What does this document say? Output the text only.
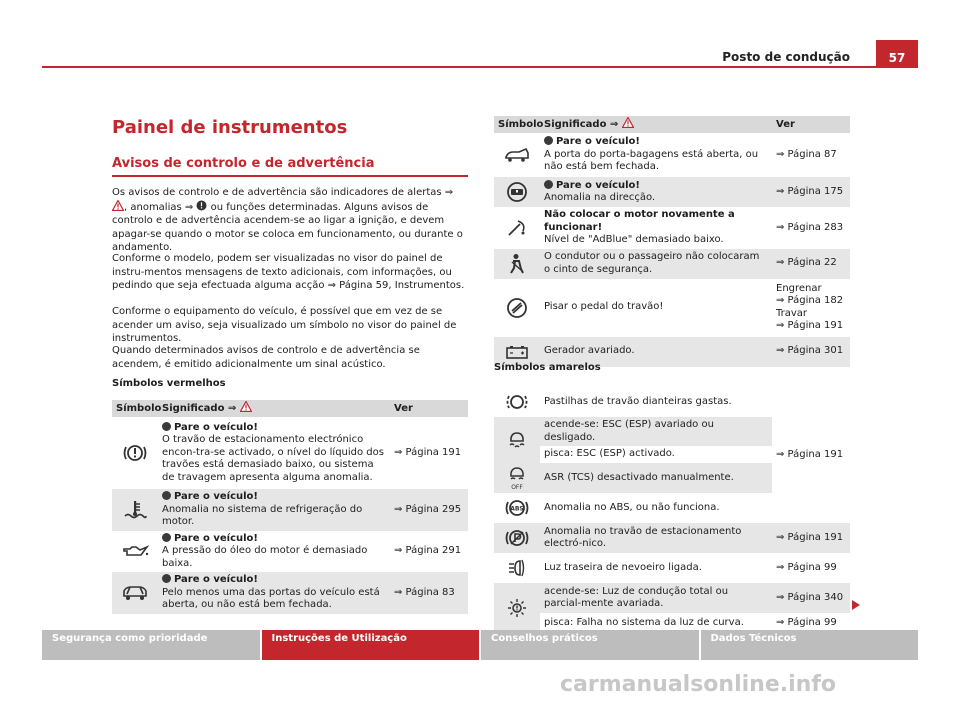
Posto de condução	57
Painel de instrumentos
Avisos de controlo e de advertência
Os avisos de controlo e de advertência são indicadores de alertas ⇒ , anomalias ⇒ ou funções determinadas. Alguns avisos de controlo e de advertência acendem-se ao ligar a ignição, e devem apagar-se quando o motor se coloca em funcionamento, ou durante o andamento.
Conforme o modelo, podem ser visualizadas no visor do painel de instru-mentos mensagens de texto adicionais, com informações, ou pedindo que seja efectuada alguma acção ⇒ Página 59, Instrumentos.
Conforme o equipamento do veículo, é possível que em vez de se acender um aviso, seja visualizado um símbolo no visor do painel de instrumentos.
Quando determinados avisos de controlo e de advertência se acendem, é emitido adicionalmente um sinal acústico.
Símbolos vermelhos
Símbolo	Significado ⇒	Ver
	Pare o veículo!
O travão de estacionamento electrónico encon-tra-se activado, o nível do líquido dos travões está demasiado baixo, ou sistema de travagem apresenta alguma anomalia.	⇒ Página 191
	Pare o veículo!
Anomalia no sistema de refrigeração do motor.	⇒ Página 295
	Pare o veículo!
A pressão do óleo do motor é demasiado baixa.	⇒ Página 291
	Pare o veículo!
Pelo menos uma das portas do veículo está aberta, ou não está bem fechada.	⇒ Página 83
Símbolo	Significado ⇒	Ver
	Pare o veículo!
A porta do porta-bagagens está aberta, ou não está bem fechada.	⇒ Página 87
	Pare o veículo!
Anomalia na direcção.	⇒ Página 175
	Não colocar o motor novamente a funcionar!
Nível de "AdBlue" demasiado baixo.	⇒ Página 283
	O condutor ou o passageiro não colocaram o cinto de segurança.	⇒ Página 22
	Pisar o pedal do travão!	Engrenar
⇒ Página 182
Travar
⇒ Página 191
	Gerador avariado.	⇒ Página 301
Símbolos amarelos
	Pastilhas de travão dianteiras gastas.	⇒ Página 191
	acende-se: ESC (ESP) avariado ou desligado.	
	pisca: ESC (ESP) activado.	

OFF	ASR (TCS) desactivado manualmente.	

ABS	Anomalia no ABS, ou não funciona.	
	Anomalia no travão de estacionamento electró-nico.	⇒ Página 191
	Luz traseira de nevoeiro ligada.	⇒ Página 99
	acende-se: Luz de condução total ou parcial-mente avariada.	⇒ Página 340
	pisca: Falha no sistema da luz de curva.	⇒ Página 99
Segurança como prioridade	Instruções de Utilização	Conselhos práticos	Dados Técnicos
carmanualsonline.info
